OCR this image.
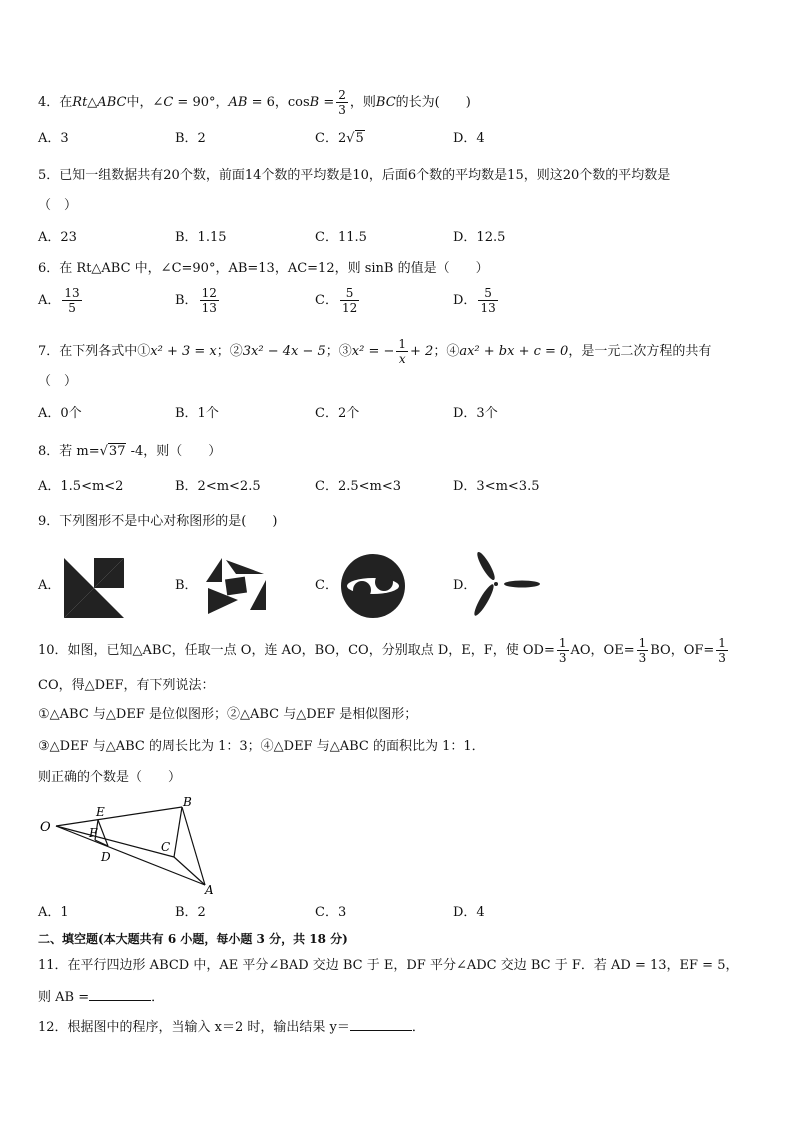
4．在Rt△ABC中，∠C = 90°，AB = 6，$\cos B = \frac{2}{3}$ ，则BC的长为(　　)
A．3	B．2	C．2√5	D．4
5．已知一组数据共有20个数，前面14个数的平均数是10，后面6个数的平均数是15，则这20个数的平均数是
（　）
A．23	B．1.15	C．11.5	D．12.5
6．在 Rt△ABC 中，∠C=90°，AB=13，AC=12，则 sinB 的值是（　　）
A． $\frac{13}{5}$	B． $\frac{12}{13}$	C． $\frac{5}{12}$	D． $\frac{5}{13}$
7．在下列各式中①x² + 3 = x；②3x² − 4x − 5；③x² = − $\frac{1}{x} + 2$；④ax² + bx + c = 0，是一元二次方程的共有
（　）
A．0个	B．1个	C．2个	D．3个
8．若 m=√37 -4，则（　　）
A．1.5<m<2	B．2<m<2.5	C．2.5<m<3	D．3<m<3.5
9．下列图形不是中心对称图形的是(　　)
A．	B．	C．	D．
10．如图，已知△ABC，任取一点 O，连 AO，BO，CO，分别取点 D，E，F，使 $OD= \frac{1}{3}$ AO，$OE= \frac{1}{3}$ BO，$OF= \frac{1}{3}$
CO，得△DEF，有下列说法：
①△ABC 与△DEF 是位似图形；②△ABC 与△DEF 是相似图形；
③△DEF 与△ABC 的周长比为 1：3；④△DEF 与△ABC 的面积比为 1：1．
则正确的个数是（　　）
O
E
F
D
B
C
A
A．1	B．2	C．3	D．4
二、填空题(本大题共有 6 小题，每小题 3 分，共 18 分)
11．在平行四边形 ABCD 中，AE 平分∠BAD 交边 BC 于 E，DF 平分∠ADC 交边 BC 于 F．若 AD = 13，EF = 5，
则 AB =	．
12．根据图中的程序，当输入 x＝2 时，输出结果 y＝	．
